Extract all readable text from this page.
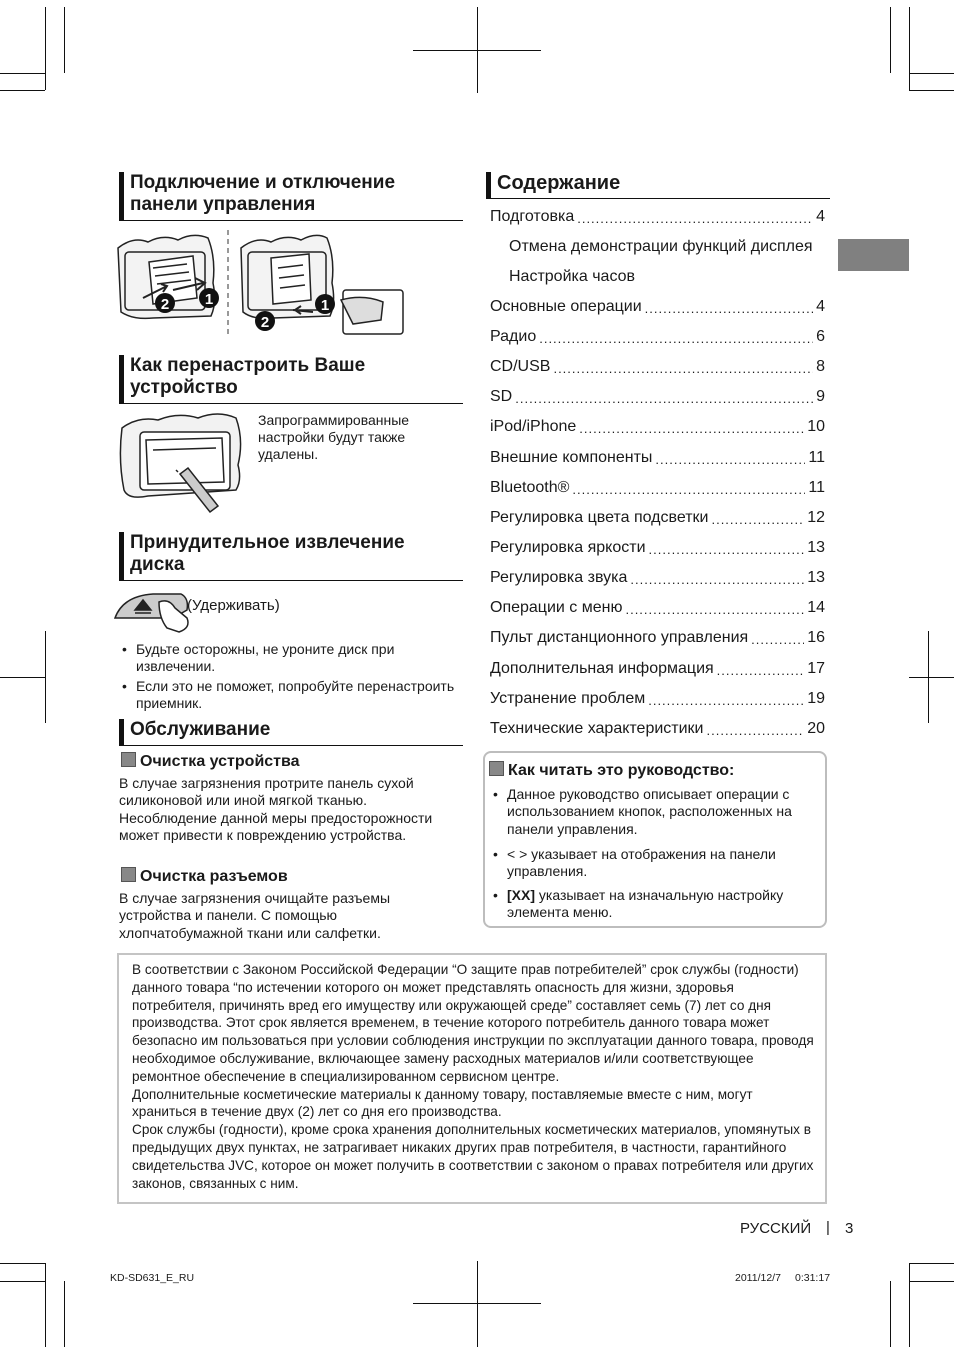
Подключение и отключение панели управления
2 1
2
1
Как перенастроить Ваше устройство
Запрограммированные настройки будут также удалены.
Принудительное извлечение диска
(Удерживать)
• Будьте осторожны, не уроните диск при извлечении.
• Если это не поможет, попробуйте перенастроить приемник.
Обслуживание
Очистка устройства
В случае загрязнения протрите панель сухой силиконовой или иной мягкой тканью. Несоблюдение данной меры предосторожности может привести к повреждению устройства.
Очистка разъемов
В случае загрязнения очищайте разъемы устройства и панели. С помощью хлопчатобумажной ткани или салфетки.
Содержание
Подготовка .....	4
Отмена демонстрации функций дисплея
Настройка часов
Основные операции .....	4
Радио .....	6
CD/USB .....	8
SD .....	9
iPod/iPhone .....	10
Внешние компоненты .....	11
Bluetooth® .....	11
Регулировка цвета подсветки .....	12
Регулировка яркости .....	13
Регулировка звука .....	13
Операции с меню .....	14
Пульт дистанционного управления .....	16
Дополнительная информация .....	17
Устранение проблем .....	19
Технические характеристики .....	20
Как читать это руководство:
• Данное руководство описывает операции с использованием кнопок, расположенных на панели управления.
• < > указывает на отображения на панели управления.
• [XX] указывает на изначальную настройку элемента меню.
В соответствии с Законом Российской Федерации “О защите прав потребителей” срок службы (годности) данного товара “по истечении которого он может представлять опасность для жизни, здоровья потребителя, причинять вред его имуществу или окружающей среде” составляет семь (7) лет со дня производства. Этот срок является временем, в течение которого потребитель данного товара может безопасно им пользоваться при условии соблюдения инструкции по эксплуатации данного товара, проводя необходимое обслуживание, включающее замену расходных материалов и/или соответствующее ремонтное обеспечение в специализированном сервисном центре.
Дополнительные косметические материалы к данному товару, поставляемые вместе с ним, могут храниться в течение двух (2) лет со дня его производства.
Срок службы (годности), кроме срока хранения дополнительных косметических материалов, упомянутых в предыдущих двух пунктах, не затрагивает никаких других прав потребителя, в частности, гарантийного свидетельства JVC, которое он может получить в соответствии с законом о правах потребителя или других законов, связанных с ним.
РУССКИЙ | 3
KD-SD631_E_RU	2011/12/7 0:31:17
